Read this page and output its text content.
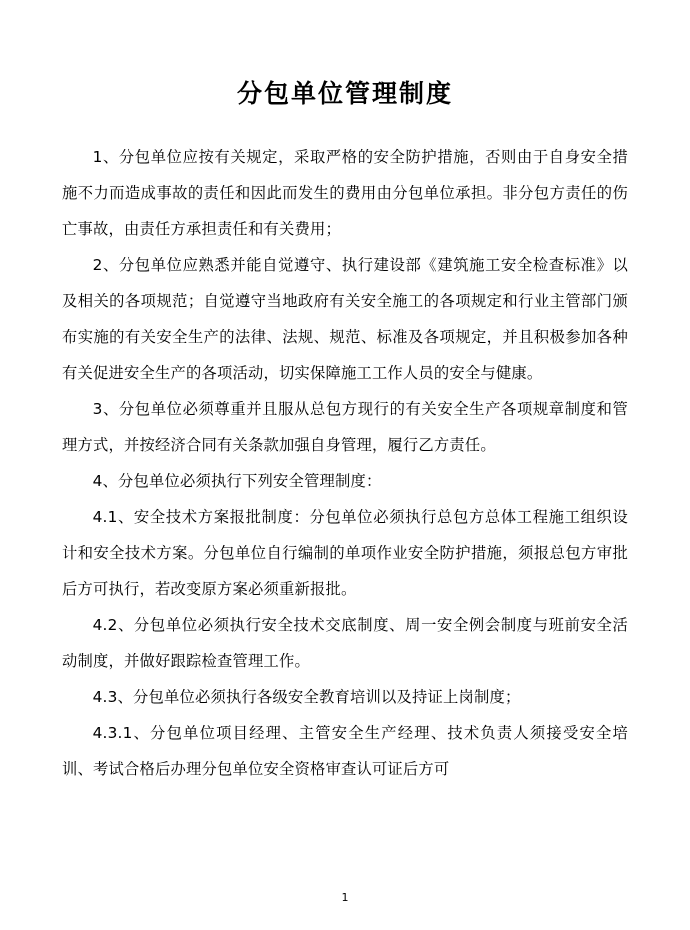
分包单位管理制度

1、分包单位应按有关规定，采取严格的安全防护措施，否则由于自身安全措施不力而造成事故的责任和因此而发生的费用由分包单位承担。非分包方责任的伤亡事故，由责任方承担责任和有关费用；

2、分包单位应熟悉并能自觉遵守、执行建设部《建筑施工安全检查标准》以及相关的各项规范；自觉遵守当地政府有关安全施工的各项规定和行业主管部门颁布实施的有关安全生产的法律、法规、规范、标准及各项规定，并且积极参加各种有关促进安全生产的各项活动，切实保障施工工作人员的安全与健康。

3、分包单位必须尊重并且服从总包方现行的有关安全生产各项规章制度和管理方式，并按经济合同有关条款加强自身管理，履行乙方责任。

4、分包单位必须执行下列安全管理制度：

4.1、安全技术方案报批制度：分包单位必须执行总包方总体工程施工组织设计和安全技术方案。分包单位自行编制的单项作业安全防护措施，须报总包方审批后方可执行，若改变原方案必须重新报批。

4.2、分包单位必须执行安全技术交底制度、周一安全例会制度与班前安全活动制度，并做好跟踪检查管理工作。

4.3、分包单位必须执行各级安全教育培训以及持证上岗制度；

4.3.1、分包单位项目经理、主管安全生产经理、技术负责人须接受安全培训、考试合格后办理分包单位安全资格审查认可证后方可

1
